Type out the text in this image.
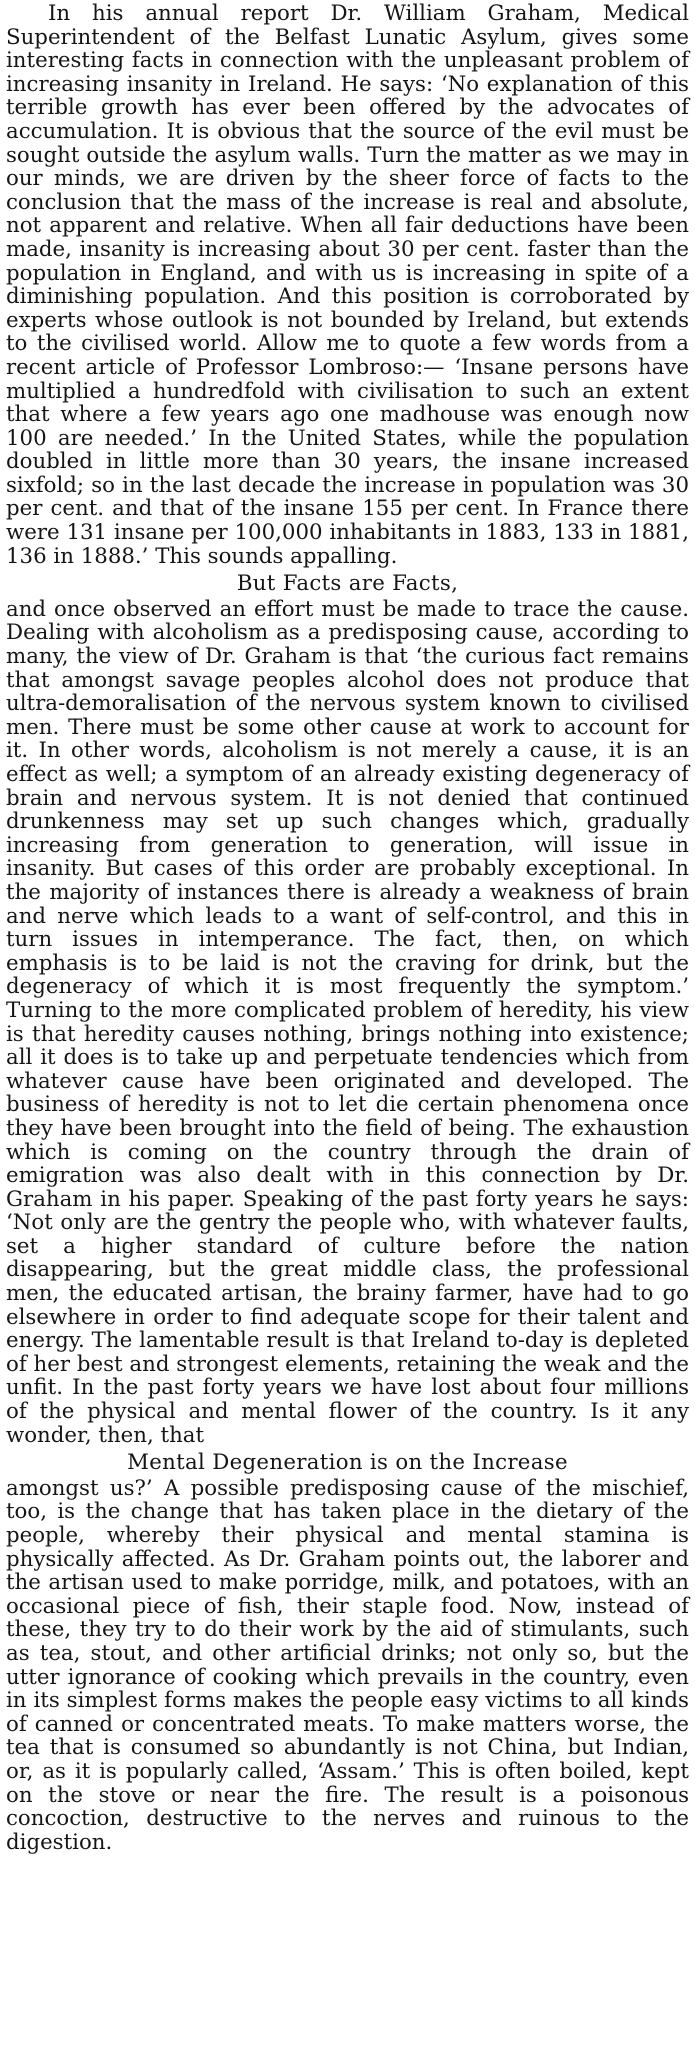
In his annual report Dr. William Graham, Medical Superintendent of the Belfast Lunatic Asylum, gives some interesting facts in connection with the unpleasant problem of increasing insanity in Ireland. He says: ‘No explanation of this terrible growth has ever been offered by the advocates of accumulation. It is obvious that the source of the evil must be sought outside the asylum walls. Turn the matter as we may in our minds, we are driven by the sheer force of facts to the conclusion that the mass of the increase is real and absolute, not apparent and relative. When all fair deductions have been made, insanity is increasing about 30 per cent. faster than the population in England, and with us is increasing in spite of a diminishing population. And this position is corroborated by experts whose outlook is not bounded by Ireland, but extends to the civilised world. Allow me to quote a few words from a recent article of Professor Lombroso:— ‘Insane persons have multiplied a hundredfold with civilisation to such an extent that where a few years ago one madhouse was enough now 100 are needed.’ In the United States, while the population doubled in little more than 30 years, the insane increased sixfold; so in the last decade the increase in population was 30 per cent. and that of the insane 155 per cent. In France there were 131 insane per 100,000 inhabitants in 1883, 133 in 1881, 136 in 1888.’ This sounds appalling.

But Facts are Facts,

and once observed an effort must be made to trace the cause. Dealing with alcoholism as a predisposing cause, according to many, the view of Dr. Graham is that ‘the curious fact remains that amongst savage peoples alcohol does not produce that ultra-demoralisation of the nervous system known to civilised men. There must be some other cause at work to account for it. In other words, alcoholism is not merely a cause, it is an effect as well; a symptom of an already existing degeneracy of brain and nervous system. It is not denied that continued drunkenness may set up such changes which, gradually increasing from generation to generation, will issue in insanity. But cases of this order are probably exceptional. In the majority of instances there is already a weakness of brain and nerve which leads to a want of self-control, and this in turn issues in intemperance. The fact, then, on which emphasis is to be laid is not the craving for drink, but the degeneracy of which it is most frequently the symptom.’ Turning to the more complicated problem of heredity, his view is that heredity causes nothing, brings nothing into existence; all it does is to take up and perpetuate tendencies which from whatever cause have been originated and developed. The business of heredity is not to let die certain phenomena once they have been brought into the field of being. The exhaustion which is coming on the country through the drain of emigration was also dealt with in this connection by Dr. Graham in his paper. Speaking of the past forty years he says: ‘Not only are the gentry the people who, with whatever faults, set a higher standard of culture before the nation disappearing, but the great middle class, the professional men, the educated artisan, the brainy farmer, have had to go elsewhere in order to find adequate scope for their talent and energy. The lamentable result is that Ireland to-day is depleted of her best and strongest elements, retaining the weak and the unfit. In the past forty years we have lost about four millions of the physical and mental flower of the country. Is it any wonder, then, that

Mental Degeneration is on the Increase

amongst us?’ A possible predisposing cause of the mischief, too, is the change that has taken place in the dietary of the people, whereby their physical and mental stamina is physically affected. As Dr. Graham points out, the laborer and the artisan used to make porridge, milk, and potatoes, with an occasional piece of fish, their staple food. Now, instead of these, they try to do their work by the aid of stimulants, such as tea, stout, and other artificial drinks; not only so, but the utter ignorance of cooking which prevails in the country, even in its simplest forms makes the people easy victims to all kinds of canned or concentrated meats. To make matters worse, the tea that is consumed so abundantly is not China, but Indian, or, as it is popularly called, ‘Assam.’ This is often boiled, kept on the stove or near the fire. The result is a poisonous concoction, destructive to the nerves and ruinous to the digestion.
